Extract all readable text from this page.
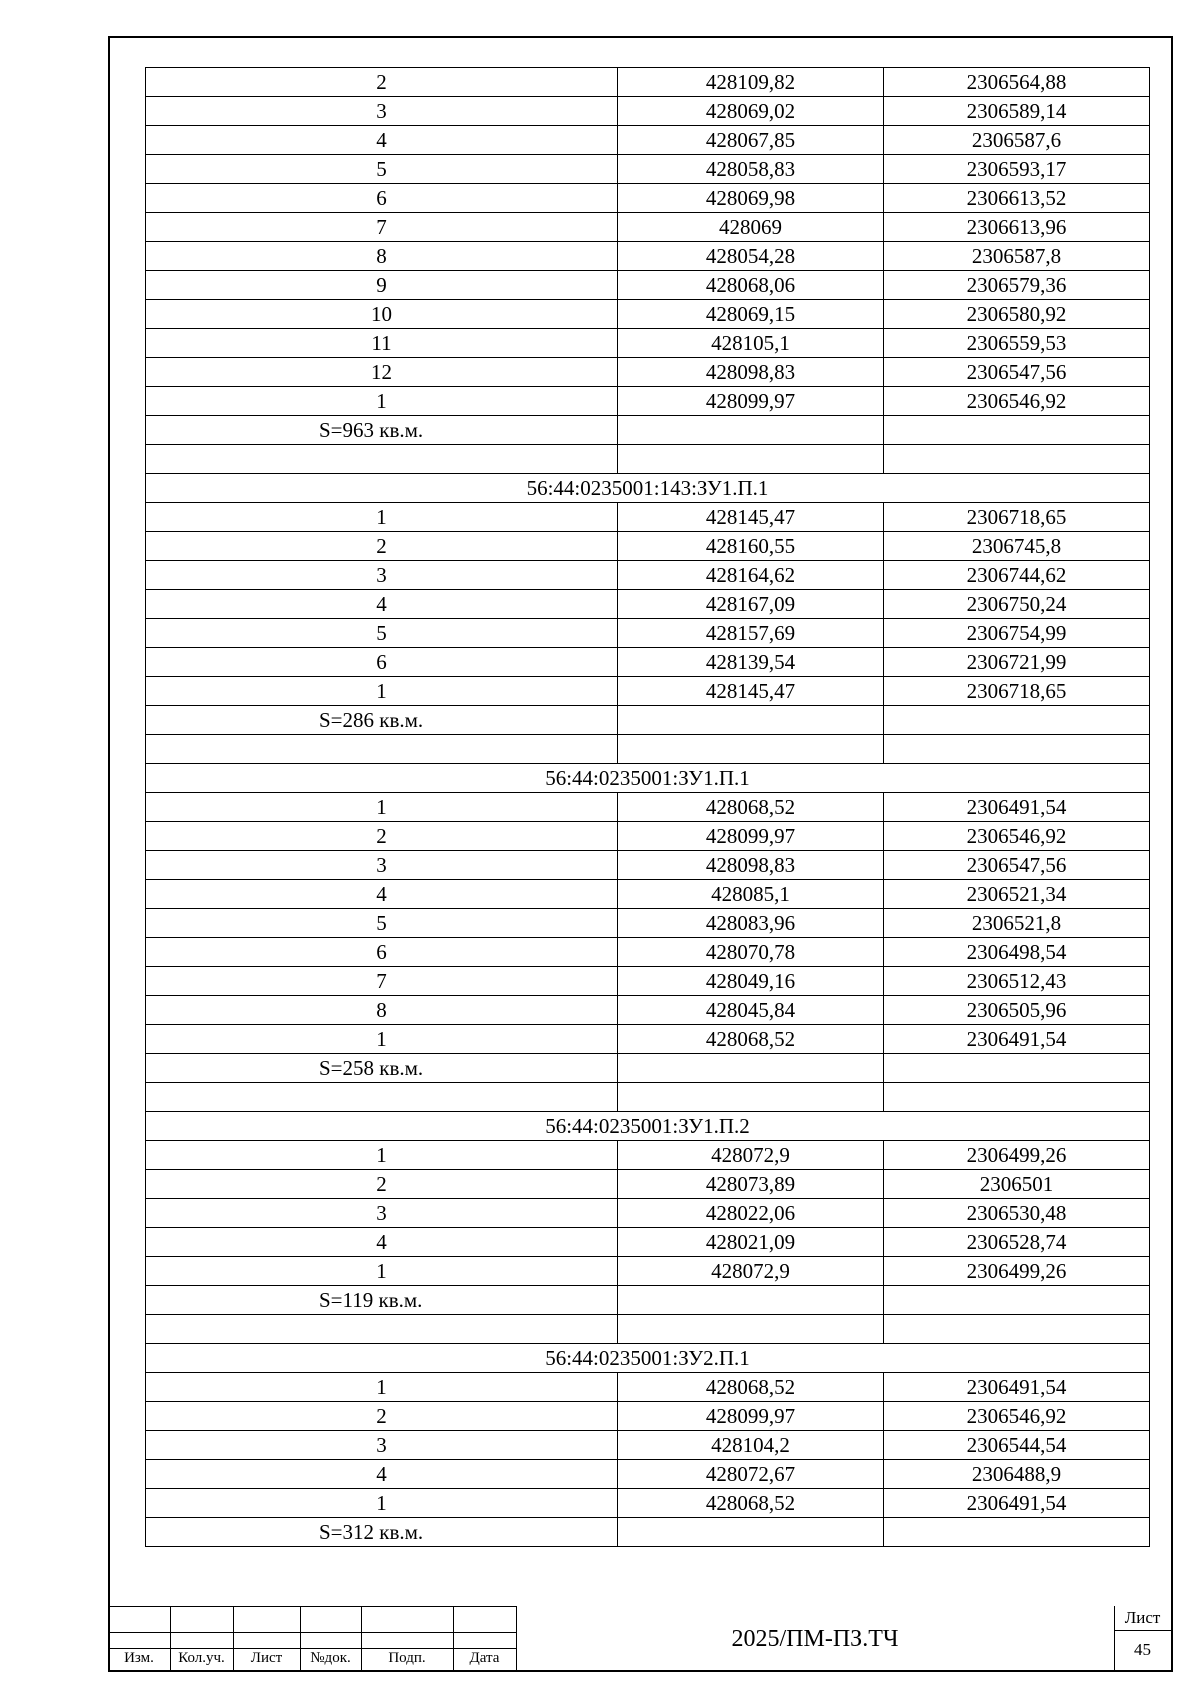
2	428109,82	2306564,88
3	428069,02	2306589,14
4	428067,85	2306587,6
5	428058,83	2306593,17
6	428069,98	2306613,52
7	428069	2306613,96
8	428054,28	2306587,8
9	428068,06	2306579,36
10	428069,15	2306580,92
11	428105,1	2306559,53
12	428098,83	2306547,56
1	428099,97	2306546,92
S=963 кв.м.		

56:44:0235001:143:ЗУ1.П.1		
1	428145,47	2306718,65
2	428160,55	2306745,8
3	428164,62	2306744,62
4	428167,09	2306750,24
5	428157,69	2306754,99
6	428139,54	2306721,99
1	428145,47	2306718,65
S=286 кв.м.		

56:44:0235001:ЗУ1.П.1		
1	428068,52	2306491,54
2	428099,97	2306546,92
3	428098,83	2306547,56
4	428085,1	2306521,34
5	428083,96	2306521,8
6	428070,78	2306498,54
7	428049,16	2306512,43
8	428045,84	2306505,96
1	428068,52	2306491,54
S=258 кв.м.		

56:44:0235001:ЗУ1.П.2		
1	428072,9	2306499,26
2	428073,89	2306501
3	428022,06	2306530,48
4	428021,09	2306528,74
1	428072,9	2306499,26
S=119 кв.м.		

56:44:0235001:ЗУ2.П.1		
1	428068,52	2306491,54
2	428099,97	2306546,92
3	428104,2	2306544,54
4	428072,67	2306488,9
1	428068,52	2306491,54
S=312 кв.м.		
Изм.	Кол.уч.	Лист	№док.	Подп.	Дата
2025/ПМ-ПЗ.ТЧ
Лист
45
